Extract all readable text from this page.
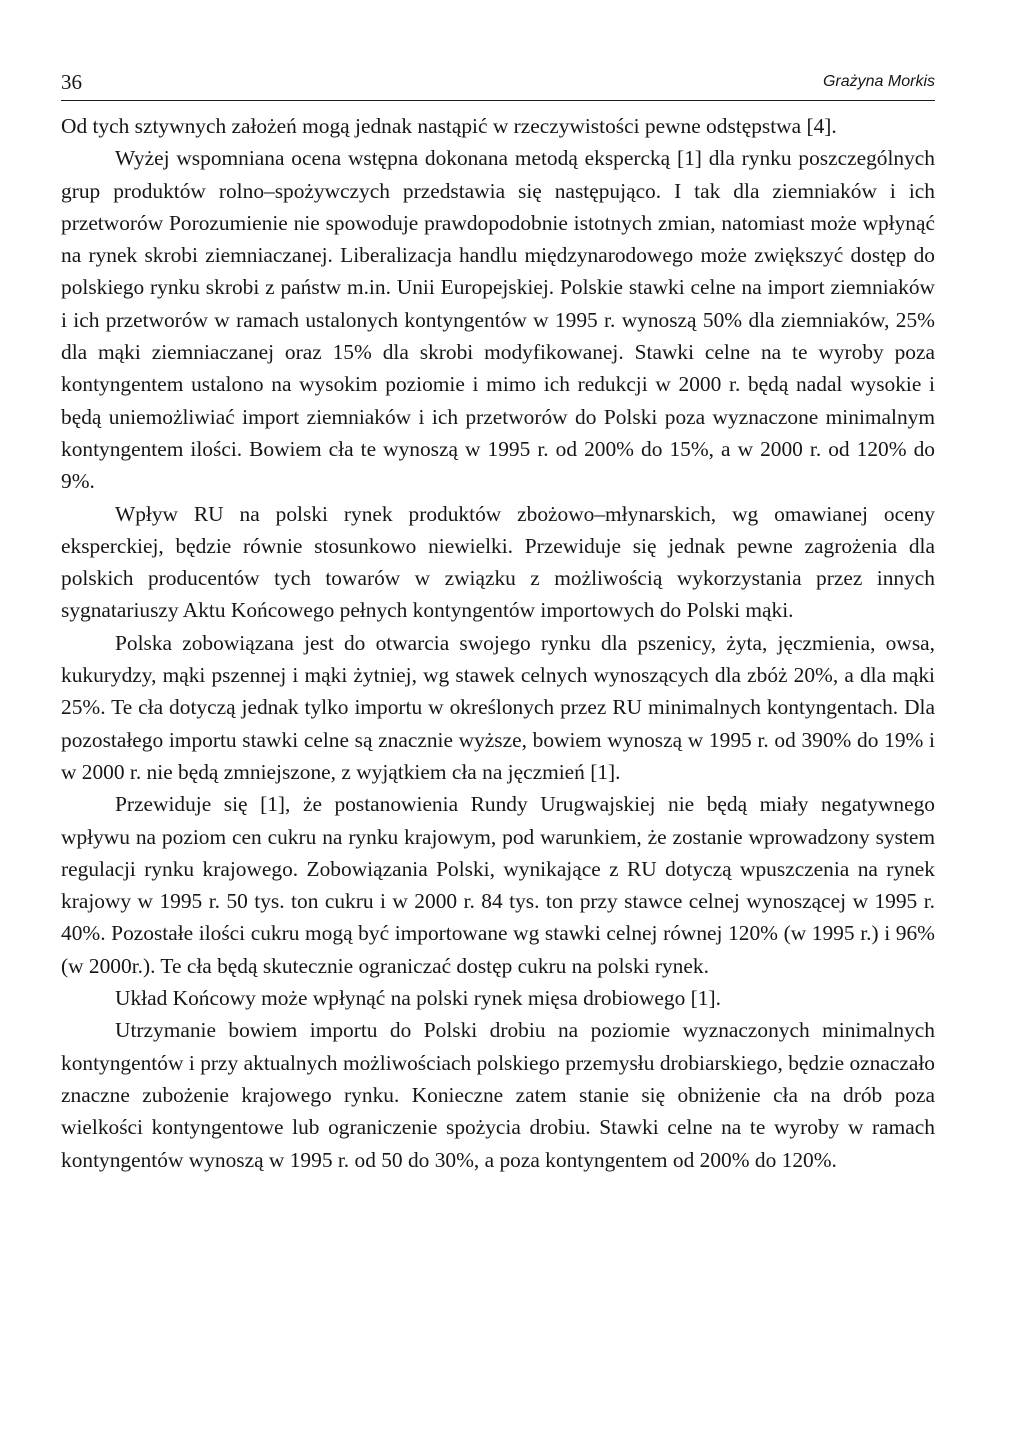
36	Grażyna Morkis

Od tych sztywnych założeń mogą jednak nastąpić w rzeczywistości pewne odstępstwa [4].

Wyżej wspomniana ocena wstępna dokonana metodą ekspercką [1] dla rynku poszczególnych grup produktów rolno–spożywczych przedstawia się następująco. I tak dla ziemniaków i ich przetworów Porozumienie nie spowoduje prawdopodobnie istotnych zmian, natomiast może wpłynąć na rynek skrobi ziemniaczanej. Liberalizacja handlu międzynarodowego może zwiększyć dostęp do polskiego rynku skrobi z państw m.in. Unii Europejskiej. Polskie stawki celne na import ziemniaków i ich przetworów w ramach ustalonych kontyngentów w 1995 r. wynoszą 50% dla ziemniaków, 25% dla mąki ziemniaczanej oraz 15% dla skrobi modyfikowanej. Stawki celne na te wyroby poza kontyngentem ustalono na wysokim poziomie i mimo ich redukcji w 2000 r. będą nadal wysokie i będą uniemożliwiać import ziemniaków i ich przetworów do Polski poza wyznaczone minimalnym kontyngentem ilości. Bowiem cła te wynoszą w 1995 r. od 200% do 15%, a w 2000 r. od 120% do 9%.

Wpływ RU na polski rynek produktów zbożowo–młynarskich, wg omawianej oceny eksperckiej, będzie równie stosunkowo niewielki. Przewiduje się jednak pewne zagrożenia dla polskich producentów tych towarów w związku z możliwością wykorzystania przez innych sygnatariuszy Aktu Końcowego pełnych kontyngentów importowych do Polski mąki.

Polska zobowiązana jest do otwarcia swojego rynku dla pszenicy, żyta, jęczmienia, owsa, kukurydzy, mąki pszennej i mąki żytniej, wg stawek celnych wynoszących dla zbóż 20%, a dla mąki 25%. Te cła dotyczą jednak tylko importu w określonych przez RU minimalnych kontyngentach. Dla pozostałego importu stawki celne są znacznie wyższe, bowiem wynoszą w 1995 r. od 390% do 19% i w 2000 r. nie będą zmniejszone, z wyjątkiem cła na jęczmień [1].

Przewiduje się [1], że postanowienia Rundy Urugwajskiej nie będą miały negatywnego wpływu na poziom cen cukru na rynku krajowym, pod warunkiem, że zostanie wprowadzony system regulacji rynku krajowego. Zobowiązania Polski, wynikające z RU dotyczą wpuszczenia na rynek krajowy w 1995 r. 50 tys. ton cukru i w 2000 r. 84 tys. ton przy stawce celnej wynoszącej w 1995 r. 40%. Pozostałe ilości cukru mogą być importowane wg stawki celnej równej 120% (w 1995 r.) i 96% (w 2000r.). Te cła będą skutecznie ograniczać dostęp cukru na polski rynek.

Układ Końcowy może wpłynąć na polski rynek mięsa drobiowego [1].

Utrzymanie bowiem importu do Polski drobiu na poziomie wyznaczonych minimalnych kontyngentów i przy aktualnych możliwościach polskiego przemysłu drobiarskiego, będzie oznaczało znaczne zubożenie krajowego rynku. Konieczne zatem stanie się obniżenie cła na drób poza wielkości kontyngentowe lub ograniczenie spożycia drobiu. Stawki celne na te wyroby w ramach kontyngentów wynoszą w 1995 r. od 50 do 30%, a poza kontyngentem od 200% do 120%.
